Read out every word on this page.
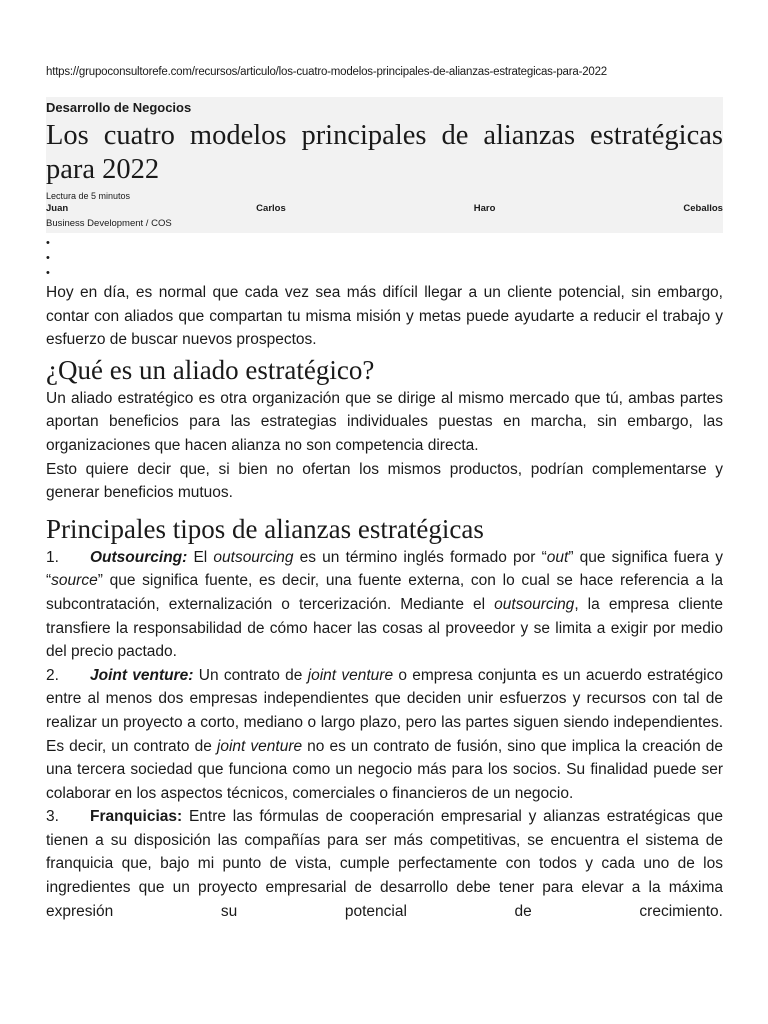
https://grupoconsultorefe.com/recursos/articulo/los-cuatro-modelos-principales-de-alianzas-estrategicas-para-2022
Desarrollo de Negocios
Los cuatro modelos principales de alianzas estratégicas para 2022
Lectura de 5 minutos
Juan	Carlos	Haro	Ceballos
Business Development / COS
•
•
•

Hoy en día, es normal que cada vez sea más difícil llegar a un cliente potencial, sin embargo, contar con aliados que compartan tu misma misión y metas puede ayudarte a reducir el trabajo y esfuerzo de buscar nuevos prospectos.

¿Qué es un aliado estratégico?

Un aliado estratégico es otra organización que se dirige al mismo mercado que tú, ambas partes aportan beneficios para las estrategias individuales puestas en marcha, sin embargo, las organizaciones que hacen alianza no son competencia directa.

Esto quiere decir que, si bien no ofertan los mismos productos, podrían complementarse y generar beneficios mutuos.

Principales tipos de alianzas estratégicas

1. Outsourcing: El outsourcing es un término inglés formado por “out” que significa fuera y “source” que significa fuente, es decir, una fuente externa, con lo cual se hace referencia a la subcontratación, externalización o tercerización. Mediante el outsourcing, la empresa cliente transfiere la responsabilidad de cómo hacer las cosas al proveedor y se limita a exigir por medio del precio pactado.

2. Joint venture: Un contrato de joint venture o empresa conjunta es un acuerdo estratégico entre al menos dos empresas independientes que deciden unir esfuerzos y recursos con tal de realizar un proyecto a corto, mediano o largo plazo, pero las partes siguen siendo independientes.

Es decir, un contrato de joint venture no es un contrato de fusión, sino que implica la creación de una tercera sociedad que funciona como un negocio más para los socios. Su finalidad puede ser colaborar en los aspectos técnicos, comerciales o financieros de un negocio.

3. Franquicias: Entre las fórmulas de cooperación empresarial y alianzas estratégicas que tienen a su disposición las compañías para ser más competitivas, se encuentra el sistema de franquicia que, bajo mi punto de vista, cumple perfectamente con todos y cada uno de los ingredientes que un proyecto empresarial de desarrollo debe tener para elevar a la máxima expresión su potencial de crecimiento.
